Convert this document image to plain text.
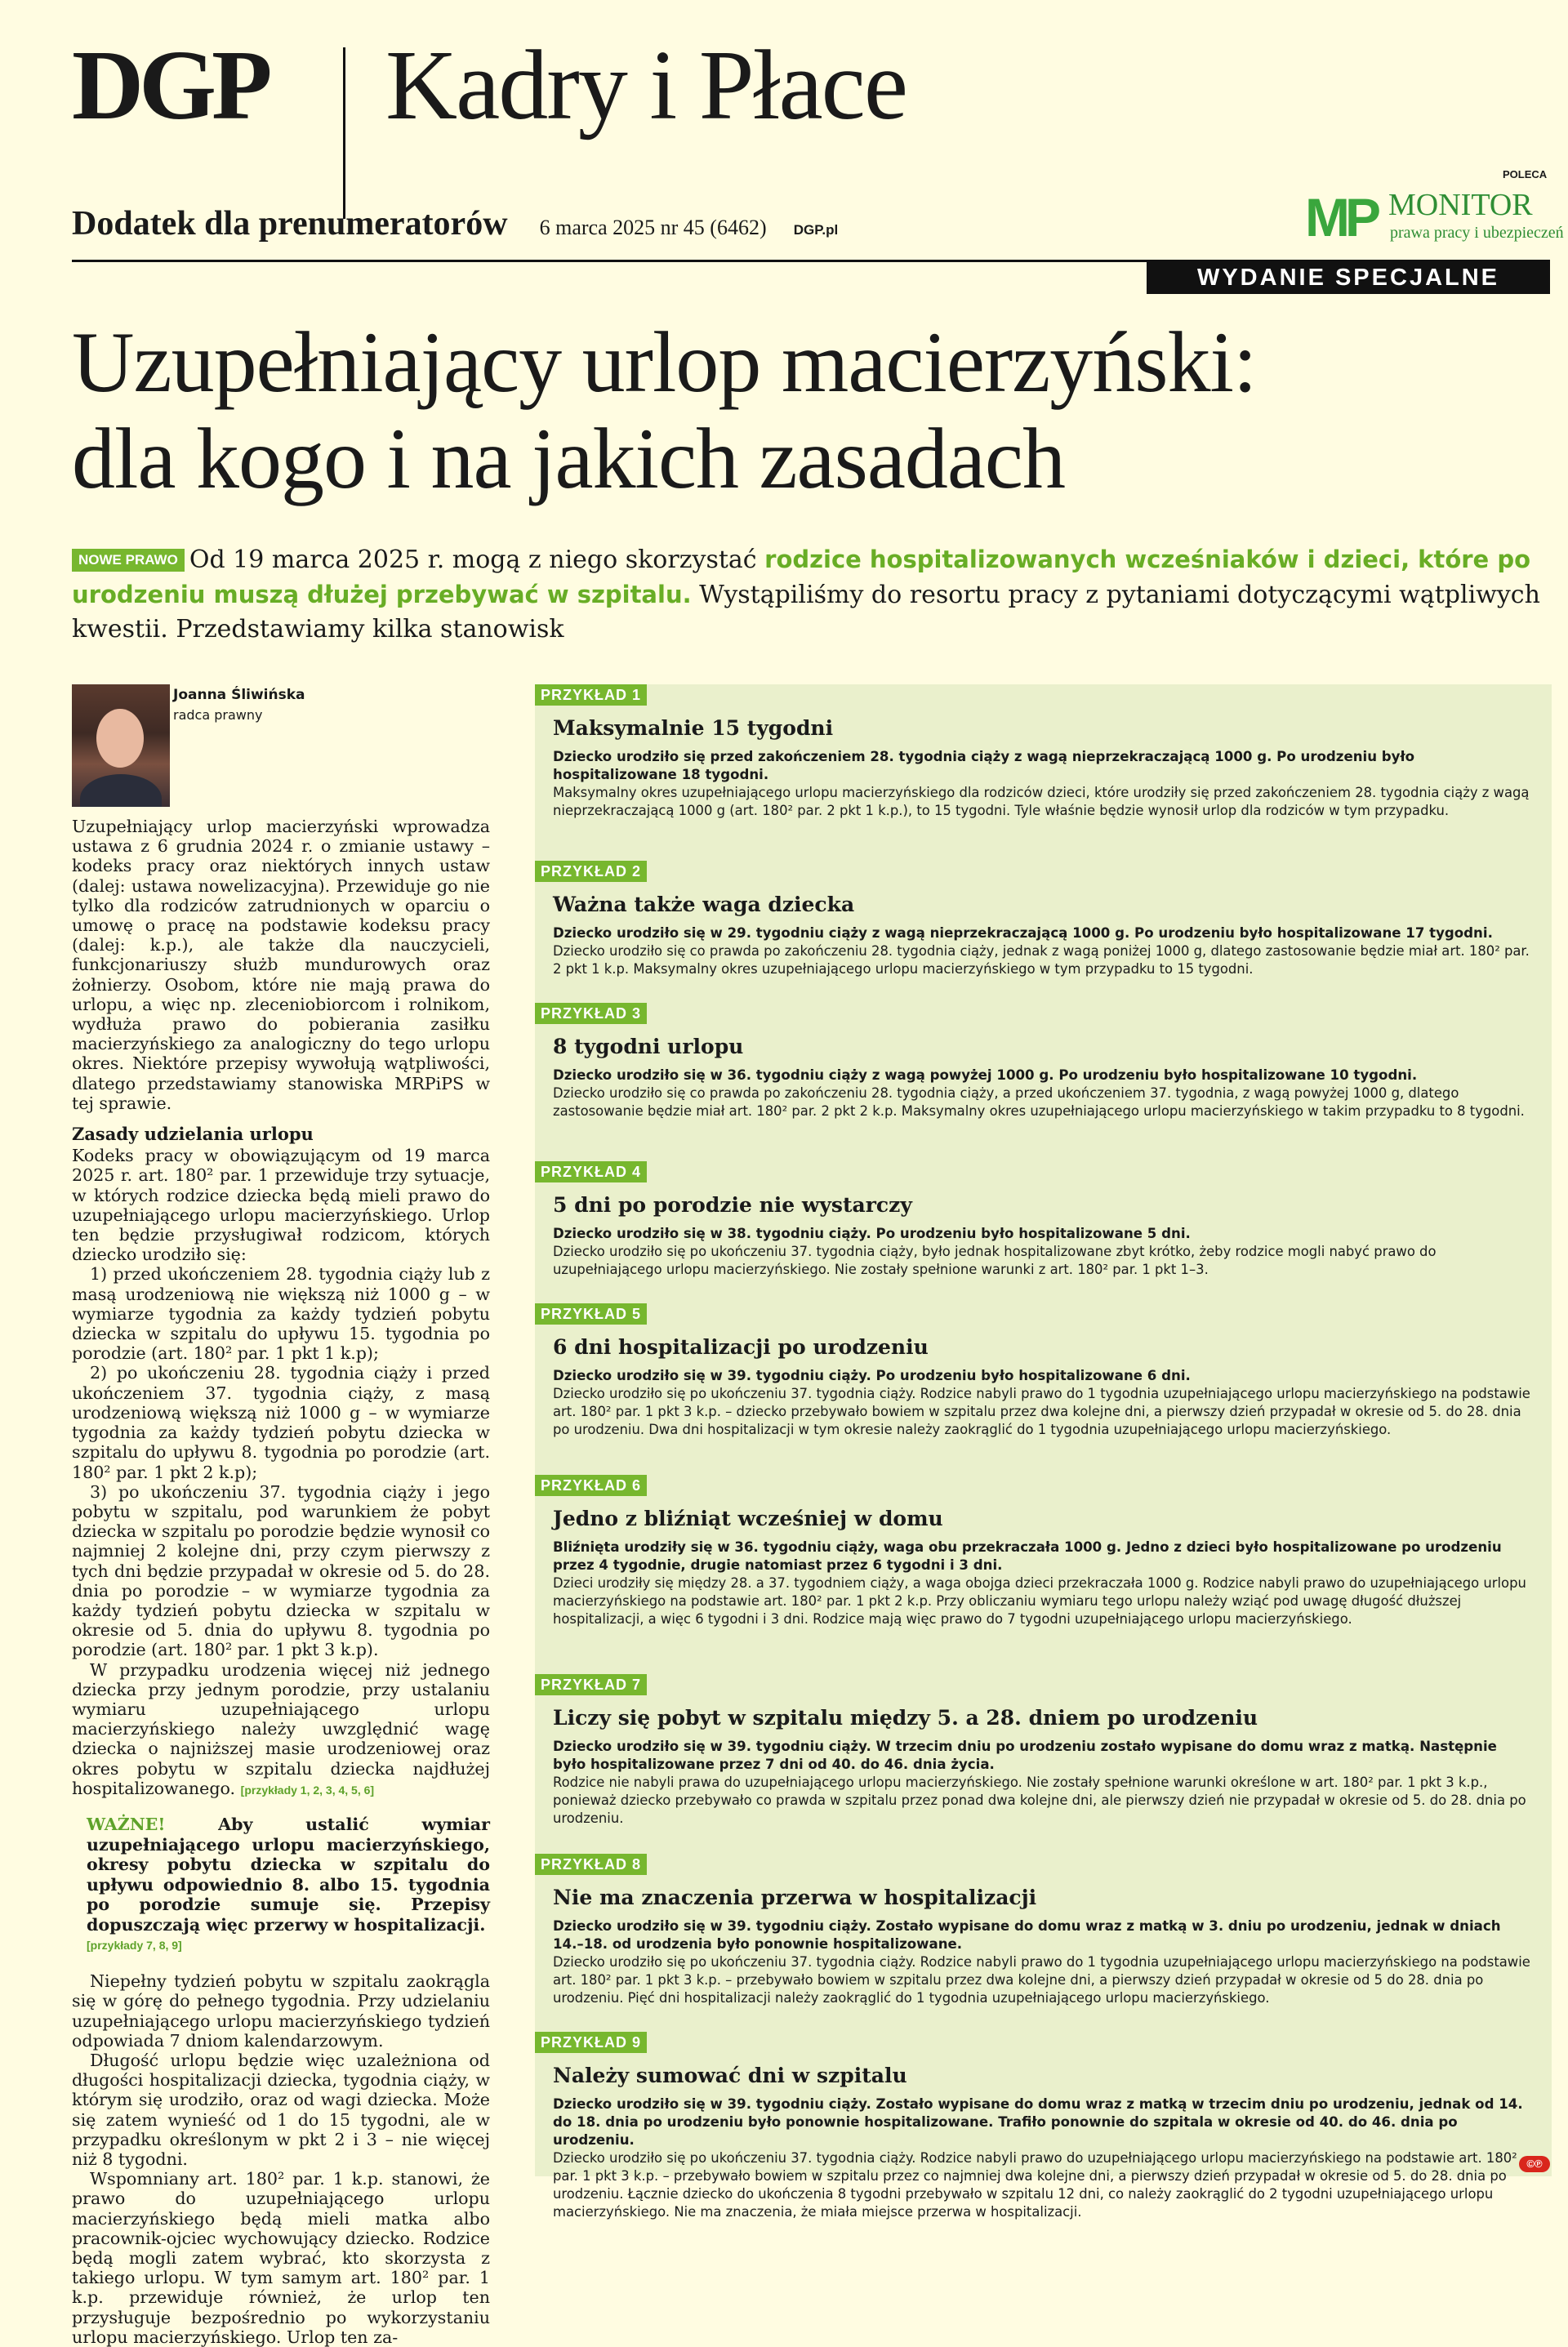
DGP Kadry i Płace
Dodatek dla prenumeratorów 6 marca 2025 nr 45 (6462) DGP.pl
POLECA
MP MONITOR
prawa pracy i ubezpieczeń
WYDANIE SPECJALNE
Uzupełniający urlop macierzyński:
dla kogo i na jakich zasadach
NOWE PRAWO Od 19 marca 2025 r. mogą z niego skorzystać rodzice hospitalizowanych wcześniaków i dzieci, które po urodzeniu muszą dłużej przebywać w szpitalu. Wystąpiliśmy do resortu pracy z pytaniami dotyczącymi wątpliwych kwestii. Przedstawiamy kilka stanowisk
Joanna Śliwińska
radca prawny

Uzupełniający urlop macierzyński wprowadza ustawa z 6 grudnia 2024 r. o zmianie ustawy – kodeks pracy oraz niektórych innych ustaw (dalej: ustawa nowelizacyjna). Przewiduje go nie tylko dla rodziców zatrudnionych w oparciu o umowę o pracę na podstawie kodeksu pracy (dalej: k.p.), ale także dla nauczycieli, funkcjonariuszy służb mundurowych oraz żołnierzy. Osobom, które nie mają prawa do urlopu, a więc np. zleceniobiorcom i rolnikom, wydłuża prawo do pobierania zasiłku macierzyńskiego za analogiczny do tego urlopu okres. Niektóre przepisy wywołują wątpliwości, dlatego przedstawiamy stanowiska MRPiPS w tej sprawie.

Zasady udzielania urlopu

Kodeks pracy w obowiązującym od 19 marca 2025 r. art. 180² par. 1 przewiduje trzy sytuacje, w których rodzice dziecka będą mieli prawo do uzupełniającego urlopu macierzyńskiego. Urlop ten będzie przysługiwał rodzicom, których dziecko urodziło się:

1) przed ukończeniem 28. tygodnia ciąży lub z masą urodzeniową nie większą niż 1000 g – w wymiarze tygodnia za każdy tydzień pobytu dziecka w szpitalu do upływu 15. tygodnia po porodzie (art. 180² par. 1 pkt 1 k.p);

2) po ukończeniu 28. tygodnia ciąży i przed ukończeniem 37. tygodnia ciąży, z masą urodzeniową większą niż 1000 g – w wymiarze tygodnia za każdy tydzień pobytu dziecka w szpitalu do upływu 8. tygodnia po porodzie (art. 180² par. 1 pkt 2 k.p);

3) po ukończeniu 37. tygodnia ciąży i jego pobytu w szpitalu, pod warunkiem że pobyt dziecka w szpitalu po porodzie będzie wynosił co najmniej 2 kolejne dni, przy czym pierwszy z tych dni będzie przypadał w okresie od 5. do 28. dnia po porodzie – w wymiarze tygodnia za każdy tydzień pobytu dziecka w szpitalu w okresie od 5. dnia do upływu 8. tygodnia po porodzie (art. 180² par. 1 pkt 3 k.p).

W przypadku urodzenia więcej niż jednego dziecka przy jednym porodzie, przy ustalaniu wymiaru uzupełniającego urlopu macierzyńskiego należy uwzględnić wagę dziecka o najniższej masie urodzeniowej oraz okres pobytu w szpitalu dziecka najdłużej hospitalizowanego. [przykłady 1, 2, 3, 4, 5, 6]

WAŻNE! Aby ustalić wymiar uzupełniającego urlopu macierzyńskiego, okresy pobytu dziecka w szpitalu do upływu odpowiednio 8. albo 15. tygodnia po porodzie sumuje się. Przepisy dopuszczają więc przerwy w hospitalizacji.
[przykłady 7, 8, 9]

Niepełny tydzień pobytu w szpitalu zaokrągla się w górę do pełnego tygodnia. Przy udzielaniu uzupełniającego urlopu macierzyńskiego tydzień odpowiada 7 dniom kalendarzowym.

Długość urlopu będzie więc uzależniona od długości hospitalizacji dziecka, tygodnia ciąży, w którym się urodziło, oraz od wagi dziecka. Może się zatem wynieść od 1 do 15 tygodni, ale w przypadku określonym w pkt 2 i 3 – nie więcej niż 8 tygodni.

Wspomniany art. 180² par. 1 k.p. stanowi, że prawo do uzupełniającego urlopu macierzyńskiego będą mieli matka albo pracownik-ojciec wychowujący dziecko. Rodzice będą mogli zatem wybrać, kto skorzysta z takiego urlopu. W tym samym art. 180² par. 1 k.p. przewiduje również, że urlop ten przysługuje bezpośrednio po wykorzystaniu urlopu macierzyńskiego. Urlop ten za-

PRZYKŁAD 1
Maksymalnie 15 tygodni
Dziecko urodziło się przed zakończeniem 28. tygodnia ciąży z wagą nieprzekraczającą 1000 g. Po urodzeniu było hospitalizowane 18 tygodni.
Maksymalny okres uzupełniającego urlopu macierzyńskiego dla rodziców dzieci, które urodziły się przed zakończeniem 28. tygodnia ciąży z wagą nieprzekraczającą 1000 g (art. 180² par. 2 pkt 1 k.p.), to 15 tygodni. Tyle właśnie będzie wynosił urlop dla rodziców w tym przypadku.
PRZYKŁAD 2
Ważna także waga dziecka
Dziecko urodziło się w 29. tygodniu ciąży z wagą nieprzekraczającą 1000 g. Po urodzeniu było hospitalizowane 17 tygodni.
Dziecko urodziło się co prawda po zakończeniu 28. tygodnia ciąży, jednak z wagą poniżej 1000 g, dlatego zastosowanie będzie miał art. 180² par. 2 pkt 1 k.p. Maksymalny okres uzupełniającego urlopu macierzyńskiego w tym przypadku to 15 tygodni.
PRZYKŁAD 3
8 tygodni urlopu
Dziecko urodziło się w 36. tygodniu ciąży z wagą powyżej 1000 g. Po urodzeniu było hospitalizowane 10 tygodni.
Dziecko urodziło się co prawda po zakończeniu 28. tygodnia ciąży, a przed ukończeniem 37. tygodnia, z wagą powyżej 1000 g, dlatego zastosowanie będzie miał art. 180² par. 2 pkt 2 k.p. Maksymalny okres uzupełniającego urlopu macierzyńskiego w takim przypadku to 8 tygodni.
PRZYKŁAD 4
5 dni po porodzie nie wystarczy
Dziecko urodziło się w 38. tygodniu ciąży. Po urodzeniu było hospitalizowane 5 dni.
Dziecko urodziło się po ukończeniu 37. tygodnia ciąży, było jednak hospitalizowane zbyt krótko, żeby rodzice mogli nabyć prawo do uzupełniającego urlopu macierzyńskiego. Nie zostały spełnione warunki z art. 180² par. 1 pkt 1–3.
PRZYKŁAD 5
6 dni hospitalizacji po urodzeniu
Dziecko urodziło się w 39. tygodniu ciąży. Po urodzeniu było hospitalizowane 6 dni.
Dziecko urodziło się po ukończeniu 37. tygodnia ciąży. Rodzice nabyli prawo do 1 tygodnia uzupełniającego urlopu macierzyńskiego na podstawie art. 180² par. 1 pkt 3 k.p. – dziecko przebywało bowiem w szpitalu przez dwa kolejne dni, a pierwszy dzień przypadał w okresie od 5. do 28. dnia po urodzeniu. Dwa dni hospitalizacji w tym okresie należy zaokrąglić do 1 tygodnia uzupełniającego urlopu macierzyńskiego.
PRZYKŁAD 6
Jedno z bliźniąt wcześniej w domu
Bliźnięta urodziły się w 36. tygodniu ciąży, waga obu przekraczała 1000 g. Jedno z dzieci było hospitalizowane po urodzeniu przez 4 tygodnie, drugie natomiast przez 6 tygodni i 3 dni.
Dzieci urodziły się między 28. a 37. tygodniem ciąży, a waga obojga dzieci przekraczała 1000 g. Rodzice nabyli prawo do uzupełniającego urlopu macierzyńskiego na podstawie art. 180² par. 1 pkt 2 k.p. Przy obliczaniu wymiaru tego urlopu należy wziąć pod uwagę długość dłuższej hospitalizacji, a więc 6 tygodni i 3 dni. Rodzice mają więc prawo do 7 tygodni uzupełniającego urlopu macierzyńskiego.
PRZYKŁAD 7
Liczy się pobyt w szpitalu między 5. a 28. dniem po urodzeniu
Dziecko urodziło się w 39. tygodniu ciąży. W trzecim dniu po urodzeniu zostało wypisane do domu wraz z matką. Następnie było hospitalizowane przez 7 dni od 40. do 46. dnia życia.
Rodzice nie nabyli prawa do uzupełniającego urlopu macierzyńskiego. Nie zostały spełnione warunki określone w art. 180² par. 1 pkt 3 k.p., ponieważ dziecko przebywało co prawda w szpitalu przez ponad dwa kolejne dni, ale pierwszy dzień nie przypadał w okresie od 5. do 28. dnia po urodzeniu.
PRZYKŁAD 8
Nie ma znaczenia przerwa w hospitalizacji
Dziecko urodziło się w 39. tygodniu ciąży. Zostało wypisane do domu wraz z matką w 3. dniu po urodzeniu, jednak w dniach 14.–18. od urodzenia było ponownie hospitalizowane.
Dziecko urodziło się po ukończeniu 37. tygodnia ciąży. Rodzice nabyli prawo do 1 tygodnia uzupełniającego urlopu macierzyńskiego na podstawie art. 180² par. 1 pkt 3 k.p. – przebywało bowiem w szpitalu przez dwa kolejne dni, a pierwszy dzień przypadał w okresie od 5 do 28. dnia po urodzeniu. Pięć dni hospitalizacji należy zaokrąglić do 1 tygodnia uzupełniającego urlopu macierzyńskiego.
PRZYKŁAD 9
Należy sumować dni w szpitalu
Dziecko urodziło się w 39. tygodniu ciąży. Zostało wypisane do domu wraz z matką w trzecim dniu po urodzeniu, jednak od 14. do 18. dnia po urodzeniu było ponownie hospitalizowane. Trafiło ponownie do szpitala w okresie od 40. do 46. dnia po urodzeniu.
Dziecko urodziło się po ukończeniu 37. tygodnia ciąży. Rodzice nabyli prawo do uzupełniającego urlopu macierzyńskiego na podstawie art. 180² par. 1 pkt 3 k.p. – przebywało bowiem w szpitalu przez co najmniej dwa kolejne dni, a pierwszy dzień przypadał w okresie od 5. do 28. dnia po urodzeniu. Łącznie dziecko do ukończenia 8 tygodni przebywało w szpitalu 12 dni, co należy zaokrąglić do 2 tygodni uzupełniającego urlopu macierzyńskiego. Nie ma znaczenia, że miała miejsce przerwa w hospitalizacji.
©℗
